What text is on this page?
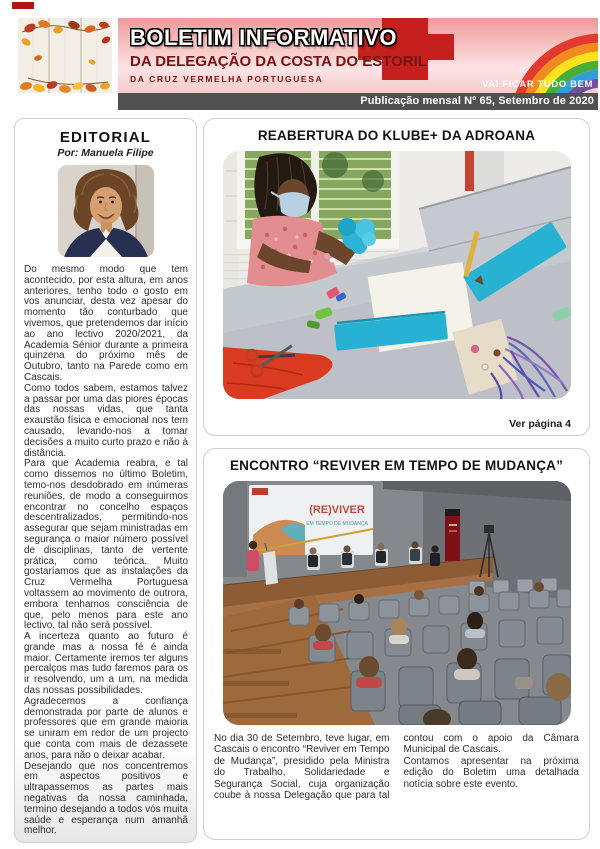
BOLETIM INFORMATIVO
DA DELEGAÇÃO DA COSTA DO ESTORIL
DA CRUZ VERMELHA PORTUGUESA	VAI FICAR TUDO BEM
Publicação mensal Nº 65, Setembro de 2020
EDITORIAL
Por: Manuela Filipe

Do mesmo modo que tem acontecido, por esta altura, em anos anteriores, tenho todo o gosto em vos anunciar, desta vez apesar do momento tão conturbado que vivemos, que pretendemos dar início ao ano lectivo 2020/2021, da Academia Sénior durante a primeira quinzena do próximo mês de Outubro, tanto na Parede como em Cascais.

Como todos sabem, estamos talvez a passar por uma das piores épocas das nossas vidas, que tanta exaustão física e emocional nos tem causado, levando-nos a tomar decisões a muito curto prazo e não à distância.

Para que Academia reabra, e tal como dissemos no último Boletim, temo-nos desdobrado em inúmeras reuniões, de modo a conseguirmos encontrar no concelho espaços descentralizados, permitindo-nos assegurar que sejam ministradas em segurança o maior número possível de disciplinas, tanto de vertente prática, como teórica. Muito gostaríamos que as instalações da Cruz Vermelha Portuguesa voltassem ao movimento de outrora, embora tenhamos consciência de que, pelo menos para este ano lectivo, tal não será possível.

A incerteza quanto ao futuro é grande mas a nossa fé é ainda maior. Certamente iremos ter alguns percalços mas tudo faremos para os ir resolvendo, um a um, na medida das nossas possibilidades.

Agradecemos a confiança demonstrada por parte de alunos e professores que em grande maioria se uniram em redor de um projecto que conta com mais de dezassete anos, para não o deixar acabar.

Desejando que nos concentremos em aspectos positivos e ultrapassemos as partes mais negativas da nossa caminhada, termino desejando a todos vós muita saúde e esperança num amanhã melhor.

REABERTURA DO KLUBE+ DA ADROANA
Ver página 4
ENCONTRO “REVIVER EM TEMPO DE MUDANÇA”
(RE)VIVER
EM TEMPO DE MUDANÇA

No dia 30 de Setembro, teve lugar, em Cascais o encontro “Reviver em Tempo de Mudança”, presidido pela Ministra do Trabalho, Solidariedade e Segurança Social, cuja organização coube à nossa Delegação que para tal contou com o apoio da Câmara Municipal de Cascais.

Contamos apresentar na próxima edição do Boletim uma detalhada notícia sobre este evento.
